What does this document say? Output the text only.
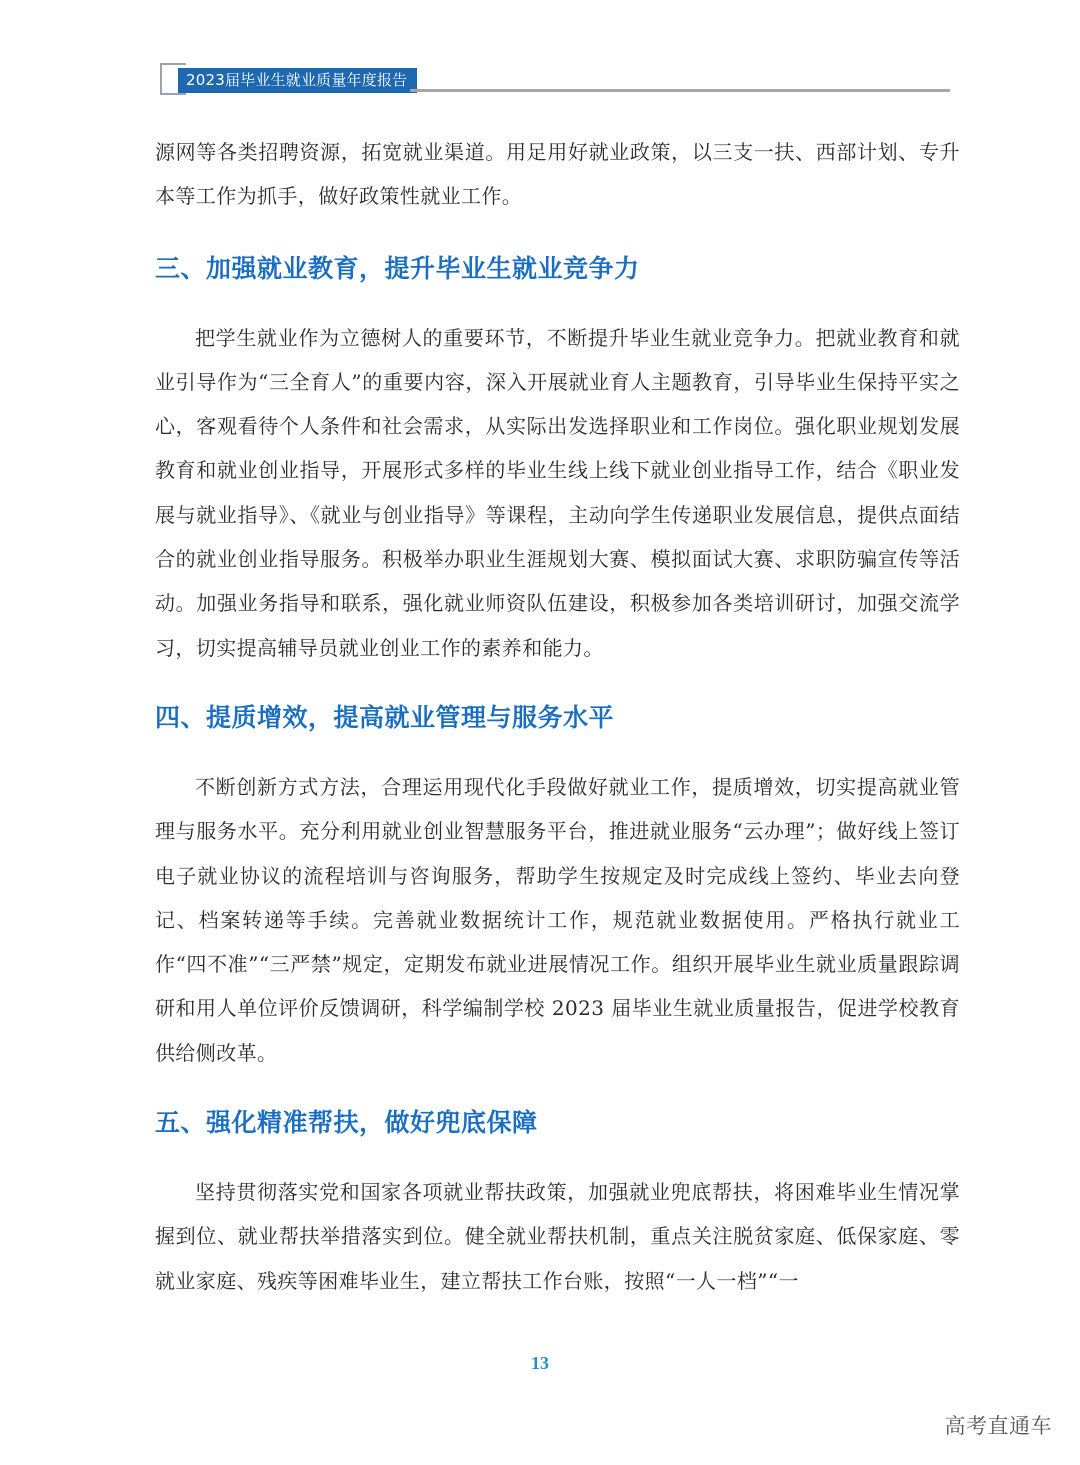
2023届毕业生就业质量年度报告

源网等各类招聘资源，拓宽就业渠道。用足用好就业政策，以三支一扶、西部计划、专升本等工作为抓手，做好政策性就业工作。

三、加强就业教育，提升毕业生就业竞争力

把学生就业作为立德树人的重要环节，不断提升毕业生就业竞争力。把就业教育和就业引导作为“三全育人”的重要内容，深入开展就业育人主题教育，引导毕业生保持平实之心，客观看待个人条件和社会需求，从实际出发选择职业和工作岗位。强化职业规划发展教育和就业创业指导，开展形式多样的毕业生线上线下就业创业指导工作，结合《职业发展与就业指导》、《就业与创业指导》等课程，主动向学生传递职业发展信息，提供点面结合的就业创业指导服务。积极举办职业生涯规划大赛、模拟面试大赛、求职防骗宣传等活动。加强业务指导和联系，强化就业师资队伍建设，积极参加各类培训研讨，加强交流学习，切实提高辅导员就业创业工作的素养和能力。

四、提质增效，提高就业管理与服务水平

不断创新方式方法，合理运用现代化手段做好就业工作，提质增效，切实提高就业管理与服务水平。充分利用就业创业智慧服务平台，推进就业服务“云办理”；做好线上签订电子就业协议的流程培训与咨询服务，帮助学生按规定及时完成线上签约、毕业去向登记、档案转递等手续。完善就业数据统计工作，规范就业数据使用。严格执行就业工作“四不准”“三严禁”规定，定期发布就业进展情况工作。组织开展毕业生就业质量跟踪调研和用人单位评价反馈调研，科学编制学校 2023 届毕业生就业质量报告，促进学校教育供给侧改革。

五、强化精准帮扶，做好兜底保障

坚持贯彻落实党和国家各项就业帮扶政策，加强就业兜底帮扶，将困难毕业生情况掌握到位、就业帮扶举措落实到位。健全就业帮扶机制，重点关注脱贫家庭、低保家庭、零就业家庭、残疾等困难毕业生，建立帮扶工作台账，按照“一人一档”“一

13
高考直通车
